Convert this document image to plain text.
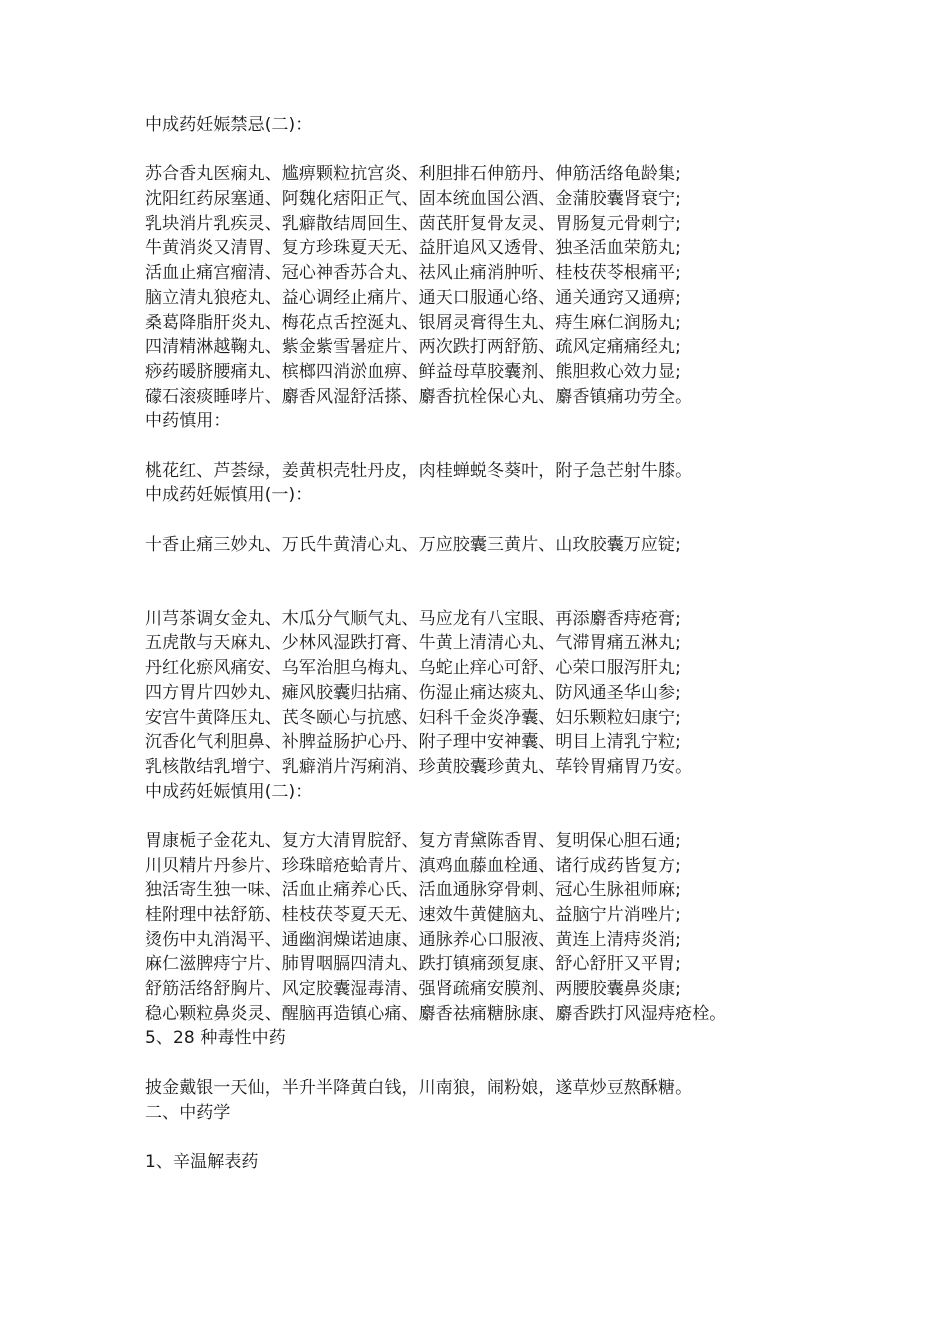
中成药妊娠禁忌(二)：
苏合香丸医痫丸、尴痹颗粒抗宫炎、利胆排石伸筋丹、伸筋活络龟龄集;
沈阳红药尿塞通、阿魏化痞阳正气、固本统血国公酒、金蒲胶囊肾衰宁;
乳块消片乳疾灵、乳癖散结周回生、茵芪肝复骨友灵、胃肠复元骨刺宁;
牛黄消炎又清胃、复方珍珠夏天无、益肝追风又透骨、独圣活血荣筋丸;
活血止痛宫瘤清、冠心神香苏合丸、祛风止痛消肿听、桂枝茯苓根痛平;
脑立清丸狼疮丸、益心调经止痛片、通天口服通心络、通关通窍又通痹;
桑葛降脂肝炎丸、梅花点舌控涎丸、银屑灵膏得生丸、痔生麻仁润肠丸;
四清精淋越鞠丸、紫金紫雪暑症片、两次跌打两舒筋、疏风定痛痛经丸;
痧药暖脐腰痛丸、槟榔四消淤血痹、鲜益母草胶囊剂、熊胆救心效力显;
礞石滚痰睡哮片、麝香风湿舒活搽、麝香抗栓保心丸、麝香镇痛功劳全。
中药慎用：
桃花红、芦荟绿，姜黄枳壳牡丹皮，肉桂蝉蜕冬葵叶，附子急芒射牛膝。
中成药妊娠慎用(一)：
十香止痛三妙丸、万氏牛黄清心丸、万应胶囊三黄片、山玫胶囊万应锭;
川芎茶调女金丸、木瓜分气顺气丸、马应龙有八宝眼、再添麝香痔疮膏;
五虎散与天麻丸、少林风湿跌打膏、牛黄上清清心丸、气滞胃痛五淋丸;
丹红化瘀风痛安、乌军治胆乌梅丸、乌蛇止痒心可舒、心荣口服泻肝丸;
四方胃片四妙丸、瘫风胶囊归拈痛、伤湿止痛达痰丸、防风通圣华山参;
安宫牛黄降压丸、芪冬颐心与抗感、妇科千金炎净囊、妇乐颗粒妇康宁;
沉香化气利胆鼻、补脾益肠护心丹、附子理中安神囊、明目上清乳宁粒;
乳核散结乳增宁、乳癖消片泻痢消、珍黄胶囊珍黄丸、荜铃胃痛胃乃安。
中成药妊娠慎用(二)：
胃康栀子金花丸、复方大清胃脘舒、复方青黛陈香胃、复明保心胆石通;
川贝精片丹参片、珍珠暗疮蛤青片、滇鸡血藤血栓通、诸行成药皆复方;
独活寄生独一味、活血止痛养心氏、活血通脉穿骨刺、冠心生脉祖师麻;
桂附理中祛舒筋、桂枝茯苓夏天无、速效牛黄健脑丸、益脑宁片消唑片;
烫伤中丸消渴平、通幽润燥诺迪康、通脉养心口服液、黄连上清痔炎消;
麻仁滋脾痔宁片、肺胃咽膈四清丸、跌打镇痛颈复康、舒心舒肝又平胃;
舒筋活络舒胸片、风定胶囊湿毒清、强肾疏痛安膜剂、两腰胶囊鼻炎康;
稳心颗粒鼻炎灵、醒脑再造镇心痛、麝香祛痛糖脉康、麝香跌打风湿痔疮栓。
5、28 种毒性中药
披金戴银一天仙，半升半降黄白钱，川南狼，闹粉娘，遂草炒豆熬酥糖。
二、中药学
1、辛温解表药
